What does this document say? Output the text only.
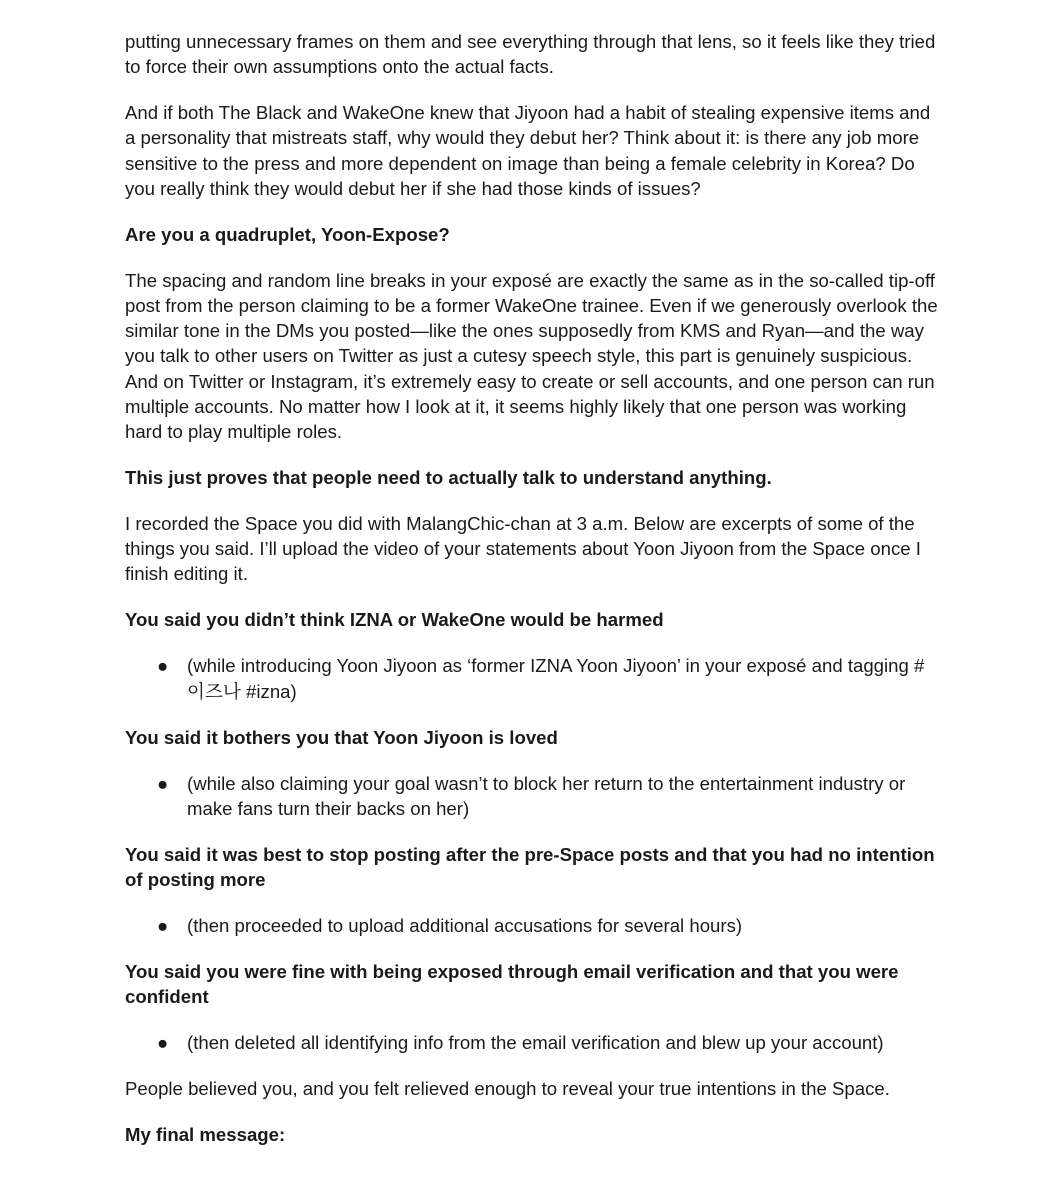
putting unnecessary frames on them and see everything through that lens, so it feels like they tried to force their own assumptions onto the actual facts.

And if both The Black and WakeOne knew that Jiyoon had a habit of stealing expensive items and a personality that mistreats staff, why would they debut her? Think about it: is there any job more sensitive to the press and more dependent on image than being a female celebrity in Korea? Do you really think they would debut her if she had those kinds of issues?

Are you a quadruplet, Yoon-Expose?

The spacing and random line breaks in your exposé are exactly the same as in the so-called tip-off post from the person claiming to be a former WakeOne trainee. Even if we generously overlook the similar tone in the DMs you posted—like the ones supposedly from KMS and Ryan—and the way you talk to other users on Twitter as just a cutesy speech style, this part is genuinely suspicious. And on Twitter or Instagram, it’s extremely easy to create or sell accounts, and one person can run multiple accounts. No matter how I look at it, it seems highly likely that one person was working hard to play multiple roles.

This just proves that people need to actually talk to understand anything.

I recorded the Space you did with MalangChic-chan at 3 a.m. Below are excerpts of some of the things you said. I’ll upload the video of your statements about Yoon Jiyoon from the Space once I finish editing it.

You said you didn’t think IZNA or WakeOne would be harmed

● (while introducing Yoon Jiyoon as ‘former IZNA Yoon Jiyoon’ in your exposé and tagging #이즈나 #izna)

You said it bothers you that Yoon Jiyoon is loved

● (while also claiming your goal wasn’t to block her return to the entertainment industry or make fans turn their backs on her)

You said it was best to stop posting after the pre-Space posts and that you had no intention of posting more

● (then proceeded to upload additional accusations for several hours)

You said you were fine with being exposed through email verification and that you were confident

● (then deleted all identifying info from the email verification and blew up your account)

People believed you, and you felt relieved enough to reveal your true intentions in the Space.

My final message:
